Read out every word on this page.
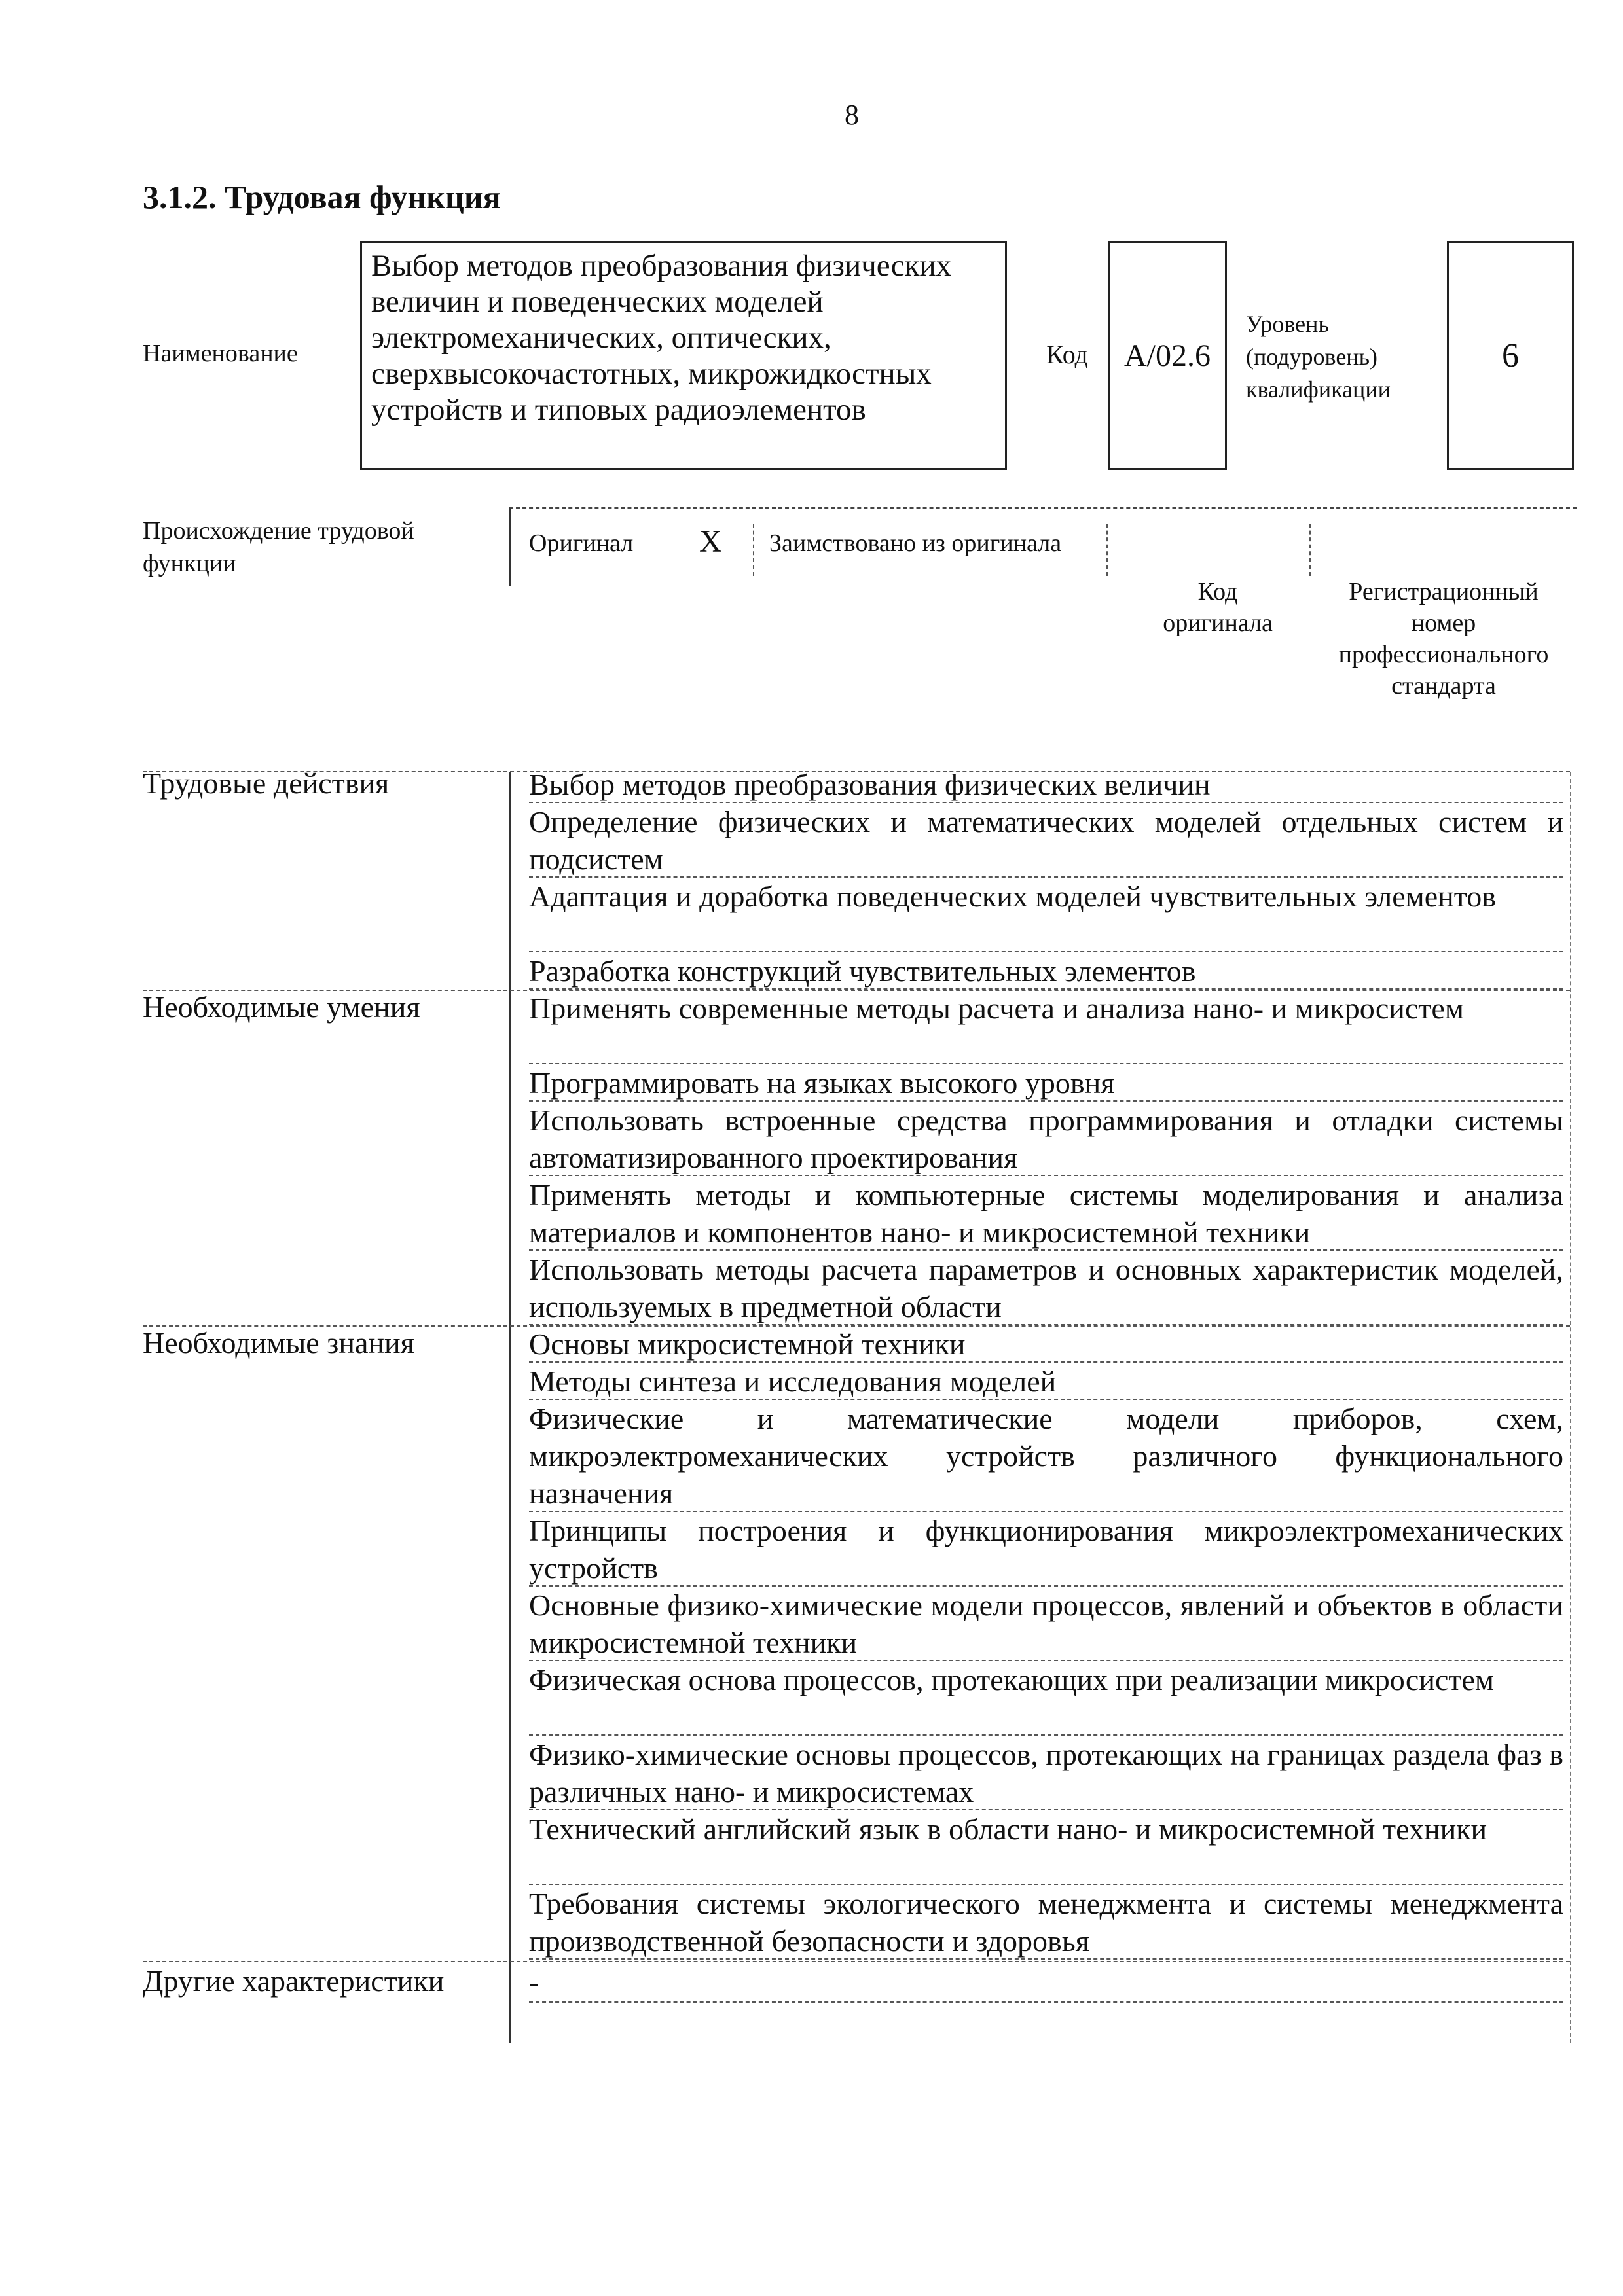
8
3.1.2. Трудовая функция
Наименование
Выбор методов преобразования физических величин и поведенческих моделей электромеханических, оптических, сверхвысокочастотных, микрожидкостных устройств и типовых радиоэлементов
Код	A/02.6
Уровень
(подуровень)
квалификации
6
Происхождение трудовой
функции
Оригинал X Заимствовано из оригинала
Код
оригинала
Регистрационный
номер
профессионального
стандарта
Трудовые действия	Выбор методов преобразования физических величин
Определение физических и математических моделей отдельных систем и подсистем
Адаптация и доработка поведенческих моделей чувствительных элементов
Разработка конструкций чувствительных элементов
Необходимые умения	Применять современные методы расчета и анализа нано- и микросистем
Программировать на языках высокого уровня
Использовать встроенные средства программирования и отладки системы автоматизированного проектирования
Применять методы и компьютерные системы моделирования и анализа материалов и компонентов нано- и микросистемной техники
Использовать методы расчета параметров и основных характеристик моделей, используемых в предметной области
Необходимые знания	Основы микросистемной техники
Методы синтеза и исследования моделей
Физические и математические модели приборов, схем, микроэлектромеханических устройств различного функционального назначения
Принципы построения и функционирования микроэлектромеханических устройств
Основные физико-химические модели процессов, явлений и объектов в области микросистемной техники
Физическая основа процессов, протекающих при реализации микросистем
Физико-химические основы процессов, протекающих на границах раздела фаз в различных нано- и микросистемах
Технический английский язык в области нано- и микросистемной техники
Требования системы экологического менеджмента и системы менеджмента производственной безопасности и здоровья
Другие характеристики	-
